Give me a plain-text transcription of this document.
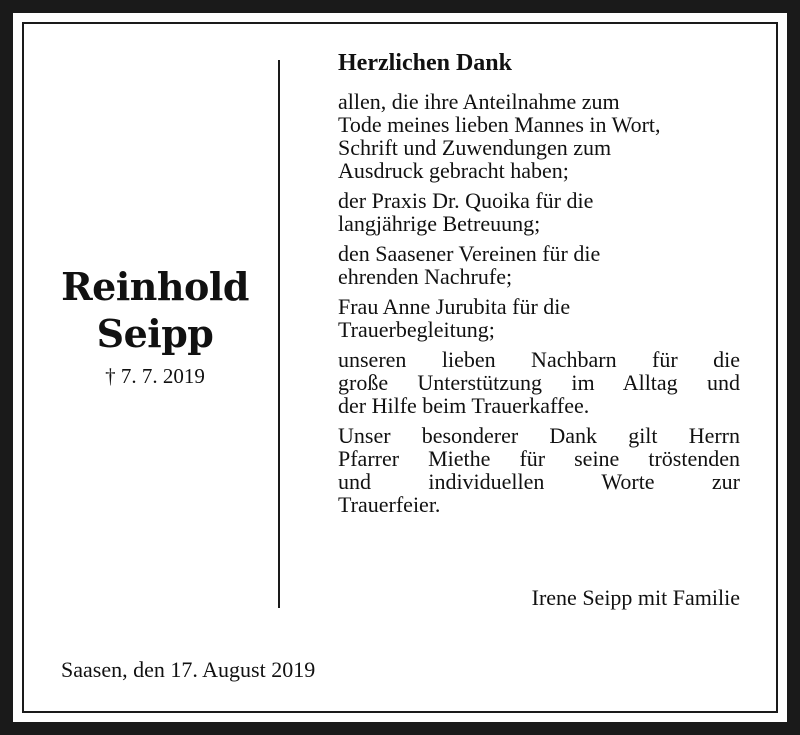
Reinhold
Seipp
† 7. 7. 2019
Herzlichen Dank
allen, die ihre Anteilnahme zum
Tode meines lieben Mannes in Wort,
Schrift und Zuwendungen zum
Ausdruck gebracht haben;
der Praxis Dr. Quoika für die
langjährige Betreuung;
den Saasener Vereinen für die
ehrenden Nachrufe;
Frau Anne Jurubita für die
Trauerbegleitung;
unseren lieben Nachbarn für die
große Unterstützung im Alltag und
der Hilfe beim Trauerkaffee.
Unser besonderer Dank gilt Herrn
Pfarrer Miethe für seine tröstenden
und individuellen Worte zur
Trauerfeier.
Irene Seipp mit Familie
Saasen, den 17. August 2019
